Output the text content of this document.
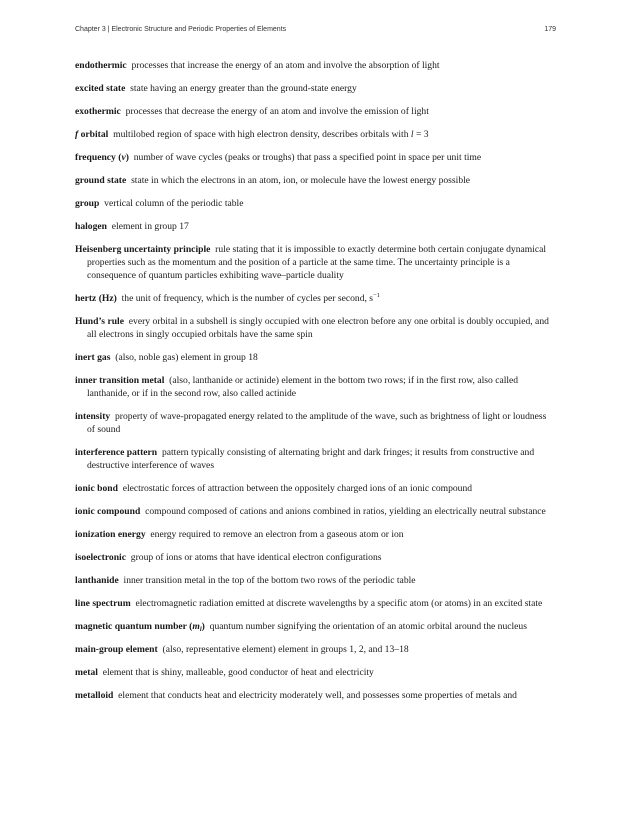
Chapter 3 | Electronic Structure and Periodic Properties of Elements	179

endothermic  processes that increase the energy of an atom and involve the absorption of light

excited state  state having an energy greater than the ground-state energy

exothermic  processes that decrease the energy of an atom and involve the emission of light

f orbital  multilobed region of space with high electron density, describes orbitals with l = 3

frequency (ν)  number of wave cycles (peaks or troughs) that pass a specified point in space per unit time

ground state  state in which the electrons in an atom, ion, or molecule have the lowest energy possible

group  vertical column of the periodic table

halogen  element in group 17

Heisenberg uncertainty principle  rule stating that it is impossible to exactly determine both certain conjugate dynamical properties such as the momentum and the position of a particle at the same time. The uncertainty principle is a consequence of quantum particles exhibiting wave–particle duality

hertz (Hz)  the unit of frequency, which is the number of cycles per second, $s^{-1}$

Hund’s rule  every orbital in a subshell is singly occupied with one electron before any one orbital is doubly occupied, and all electrons in singly occupied orbitals have the same spin

inert gas  (also, noble gas) element in group 18

inner transition metal  (also, lanthanide or actinide) element in the bottom two rows; if in the first row, also called lanthanide, or if in the second row, also called actinide

intensity  property of wave-propagated energy related to the amplitude of the wave, such as brightness of light or loudness of sound

interference pattern  pattern typically consisting of alternating bright and dark fringes; it results from constructive and destructive interference of waves

ionic bond  electrostatic forces of attraction between the oppositely charged ions of an ionic compound

ionic compound  compound composed of cations and anions combined in ratios, yielding an electrically neutral substance

ionization energy  energy required to remove an electron from a gaseous atom or ion

isoelectronic  group of ions or atoms that have identical electron configurations

lanthanide  inner transition metal in the top of the bottom two rows of the periodic table

line spectrum  electromagnetic radiation emitted at discrete wavelengths by a specific atom (or atoms) in an excited state

magnetic quantum number $(m_l)$  quantum number signifying the orientation of an atomic orbital around the nucleus

main-group element  (also, representative element) element in groups 1, 2, and 13–18

metal  element that is shiny, malleable, good conductor of heat and electricity

metalloid  element that conducts heat and electricity moderately well, and possesses some properties of metals and
